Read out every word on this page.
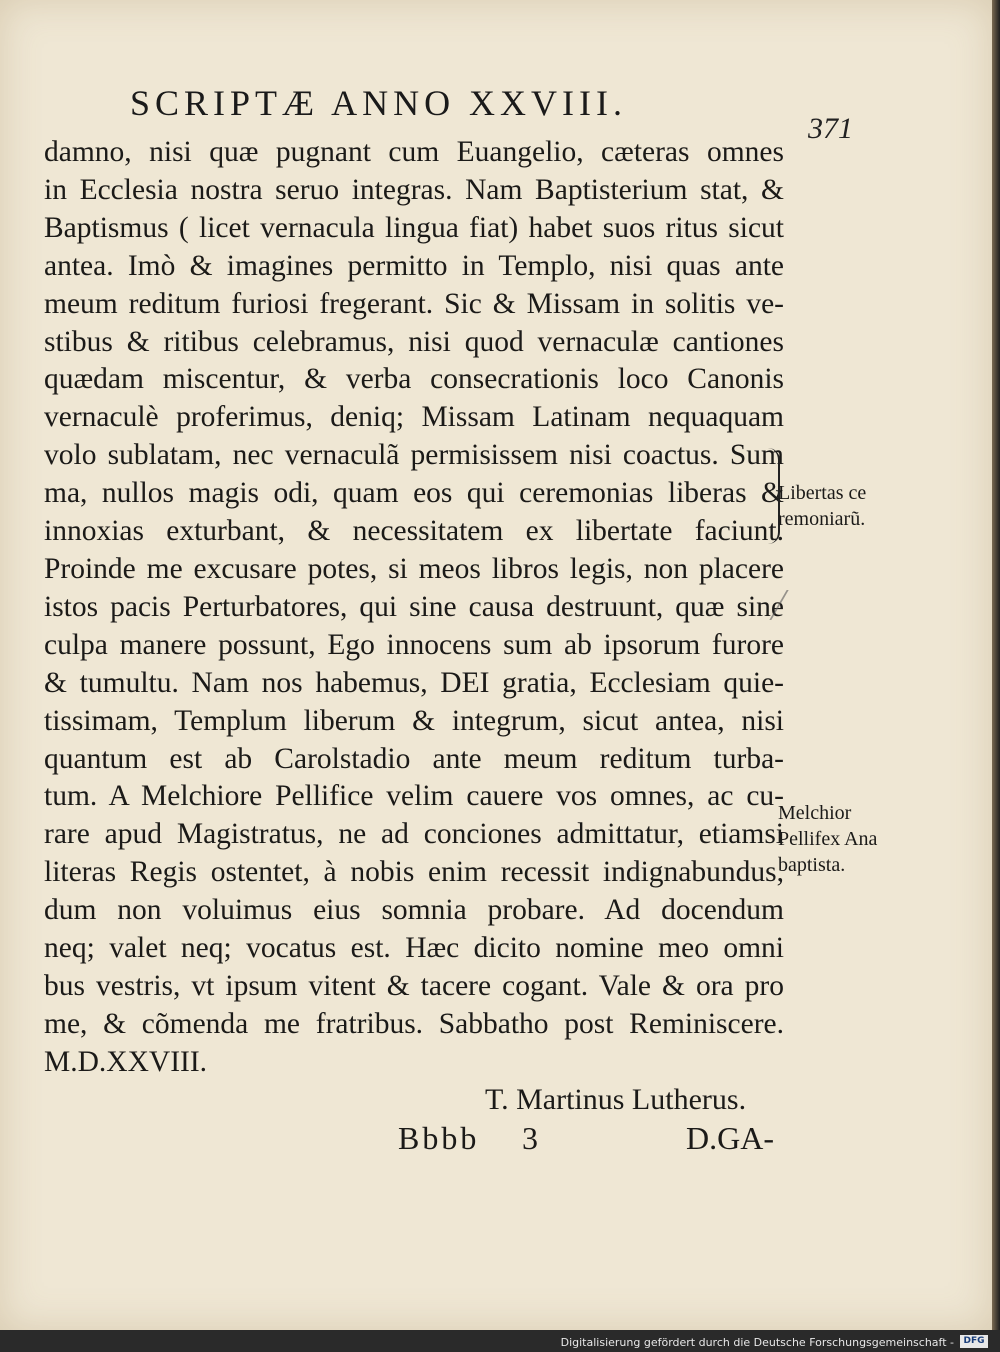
SCRIPTÆ ANNO XXVIII.
371
damno, nisi quæ pugnant cum Euangelio, cæteras omnes
in Ecclesia nostra seruo integras. Nam Baptisterium stat, &
Baptismus ( licet vernacula lingua fiat) habet suos ritus sicut
antea. Imò & imagines permitto in Templo, nisi quas ante
meum reditum furiosi fregerant. Sic & Missam in solitis ve-
stibus & ritibus celebramus, nisi quod vernaculæ cantiones
quædam miscentur, & verba consecrationis loco Canonis
vernaculè proferimus, deniq; Missam Latinam nequaquam
volo sublatam, nec vernaculã permisissem nisi coactus. Sum
ma, nullos magis odi, quam eos qui ceremonias liberas &
innoxias exturbant, & necessitatem ex libertate faciunt.
Proinde me excusare potes, si meos libros legis, non placere
istos pacis Perturbatores, qui sine causa destruunt, quæ sine
culpa manere possunt, Ego innocens sum ab ipsorum furore
& tumultu. Nam nos habemus, DEI gratia, Ecclesiam quie-
tissimam, Templum liberum & integrum, sicut antea, nisi
quantum est ab Carolstadio ante meum reditum turba-
tum. A Melchiore Pellifice velim cauere vos omnes, ac cu-
rare apud Magistratus, ne ad conciones admittatur, etiamsi
literas Regis ostentet, à nobis enim recessit indignabundus,
dum non voluimus eius somnia probare. Ad docendum
neq; valet neq; vocatus est. Hæc dicito nomine meo omni
bus vestris, vt ipsum vitent & tacere cogant. Vale & ora pro
me, & cõmenda me fratribus. Sabbatho post Reminiscere.
M.D.XXVIII.
T. Martinus Lutherus.
Bbbb 3	D.GA-
Libertas ce
remoniarũ.
Melchior
Pellifex Ana
baptista.
Digitalisierung gefördert durch die Deutsche Forschungsgemeinschaft -	DFG
